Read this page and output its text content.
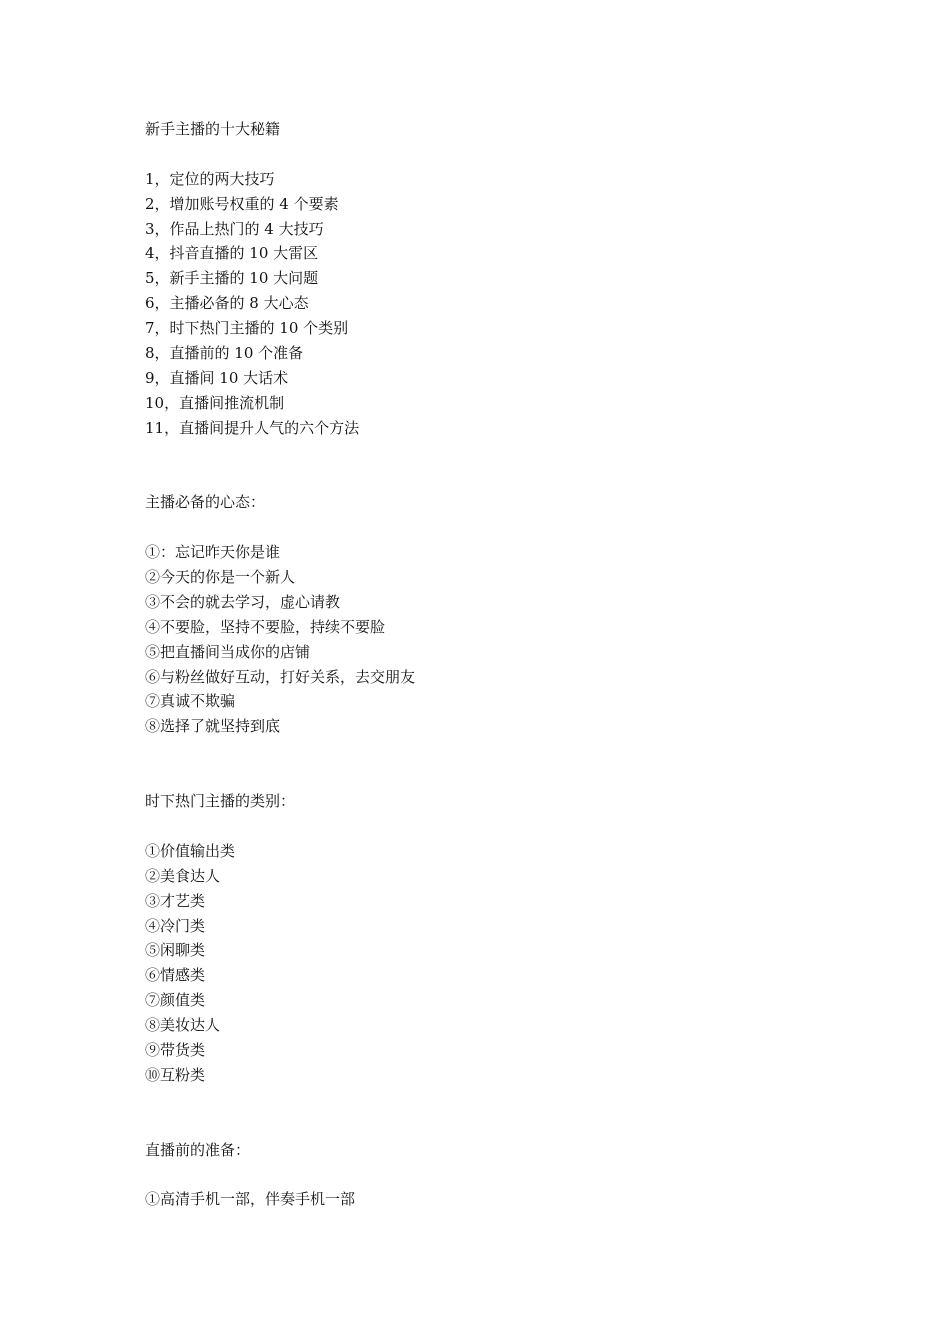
新手主播的十大秘籍
1，定位的两大技巧
2，增加账号权重的 4 个要素
3，作品上热门的 4 大技巧
4，抖音直播的 10 大雷区
5，新手主播的 10 大问题
6，主播必备的 8 大心态
7，时下热门主播的 10 个类别
8，直播前的 10 个准备
9，直播间 10 大话术
10，直播间推流机制
11，直播间提升人气的六个方法
主播必备的心态：
①：忘记昨天你是谁
②今天的你是一个新人
③不会的就去学习，虚心请教
④不要脸，坚持不要脸，持续不要脸
⑤把直播间当成你的店铺
⑥与粉丝做好互动，打好关系，去交朋友
⑦真诚不欺骗
⑧选择了就坚持到底
时下热门主播的类别：
①价值输出类
②美食达人
③才艺类
④冷门类
⑤闲聊类
⑥情感类
⑦颜值类
⑧美妆达人
⑨带货类
⑩互粉类
直播前的准备：
①高清手机一部，伴奏手机一部
